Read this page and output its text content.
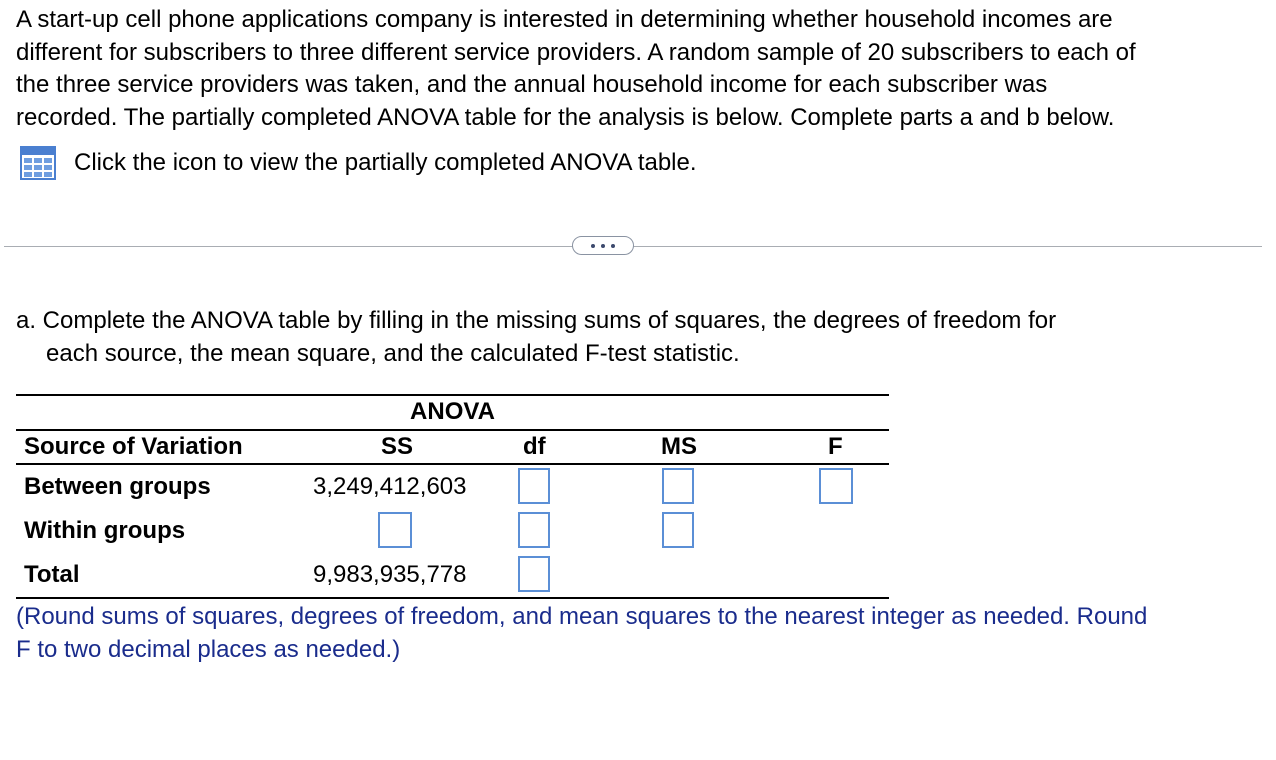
A start-up cell phone applications company is interested in determining whether household incomes are

different for subscribers to three different service providers. A random sample of 20 subscribers to each of

the three service providers was taken, and the annual household income for each subscriber was

recorded. The partially completed ANOVA table for the analysis is below. Complete parts a and b below.

Click the icon to view the partially completed ANOVA table.
a. Complete the ANOVA table by filling in the missing sums of squares, the degrees of freedom for
each source, the mean square, and the calculated F-test statistic.
ANOVA
Source of Variation	SS	df	MS	F
Between groups	3,249,412,603
Within groups
Total	9,983,935,778

(Round sums of squares, degrees of freedom, and mean squares to the nearest integer as needed. Round

F to two decimal places as needed.)
